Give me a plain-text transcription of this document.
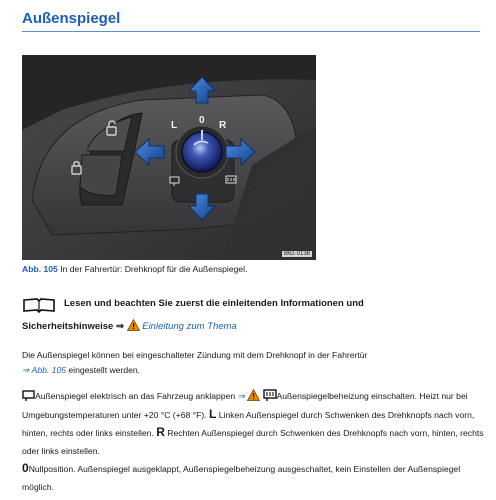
Außenspiegel
L 0 R
B62-0138
Abb. 105 In der Fahrertür: Drehknopf für die Außenspiegel.
Lesen und beachten Sie zuerst die einleitenden Informationen und
Sicherheitshinweise ⇒ Einleitung zum Thema
Die Außenspiegel können bei eingeschalteter Zündung mit dem Drehknopf in der Fahrertür
⇒ Abb. 105 eingestellt werden.
Außenspiegel elektrisch an das Fahrzeug anklappen ⇒	Außenspiegelbeheizung einschalten. Heizt nur bei Umgebungstemperaturen unter +20 °C (+68 °F). L Linken Außenspiegel durch Schwenken des Drehknopfs nach vorn, hinten, rechts oder links einstellen. R Rechten Außenspiegel durch Schwenken des Drehknopfs nach vorn, hinten, rechts oder links einstellen.
0Nullposition. Außenspiegel ausgeklappt, Außenspiegelbeheizung ausgeschaltet, kein Einstellen der Außenspiegel möglich.
